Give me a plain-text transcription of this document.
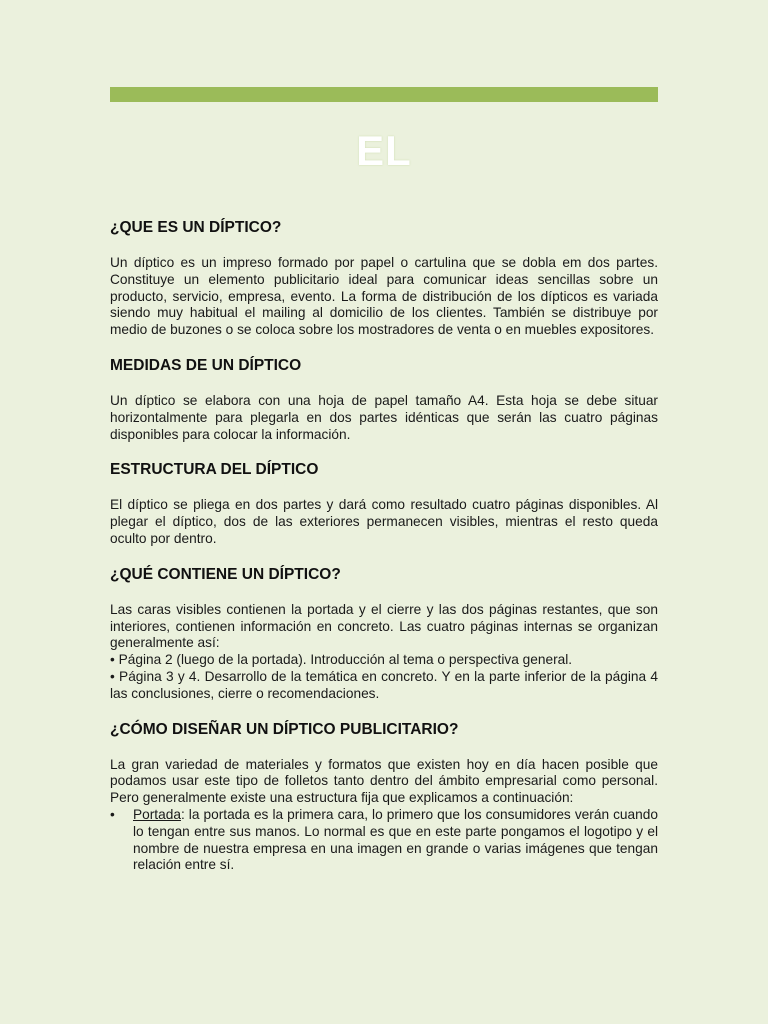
EL
¿QUE ES UN DÍPTICO?

Un díptico es un impreso formado por papel o cartulina que se dobla em dos partes. Constituye un elemento publicitario ideal para comunicar ideas sencillas sobre un producto, servicio, empresa, evento. La forma de distribución de los dípticos es variada siendo muy habitual el mailing al domicilio de los clientes. También se distribuye por medio de buzones o se coloca sobre los mostradores de venta o en muebles expositores.

MEDIDAS DE UN DÍPTICO

Un díptico se elabora con una hoja de papel tamaño A4. Esta hoja se debe situar horizontalmente para plegarla en dos partes idénticas que serán las cuatro páginas disponibles para colocar la información.

ESTRUCTURA DEL DÍPTICO

El díptico se pliega en dos partes y dará como resultado cuatro páginas disponibles. Al plegar el díptico, dos de las exteriores permanecen visibles, mientras el resto queda oculto por dentro.

¿QUÉ CONTIENE UN DÍPTICO?

Las caras visibles contienen la portada y el cierre y las dos páginas restantes, que son interiores, contienen información en concreto. Las cuatro páginas internas se organizan generalmente así:

• Página 2 (luego de la portada). Introducción al tema o perspectiva general.

• Página 3 y 4. Desarrollo de la temática en concreto. Y en la parte inferior de la página 4 las conclusiones, cierre o recomendaciones.

¿CÓMO DISEÑAR UN DÍPTICO PUBLICITARIO?

La gran variedad de materiales y formatos que existen hoy en día hacen posible que podamos usar este tipo de folletos tanto dentro del ámbito empresarial como personal. Pero generalmente existe una estructura fija que explicamos a continuación:

• Portada: la portada es la primera cara, lo primero que los consumidores verán cuando lo tengan entre sus manos. Lo normal es que en este parte pongamos el logotipo y el nombre de nuestra empresa en una imagen en grande o varias imágenes que tengan relación entre sí.
